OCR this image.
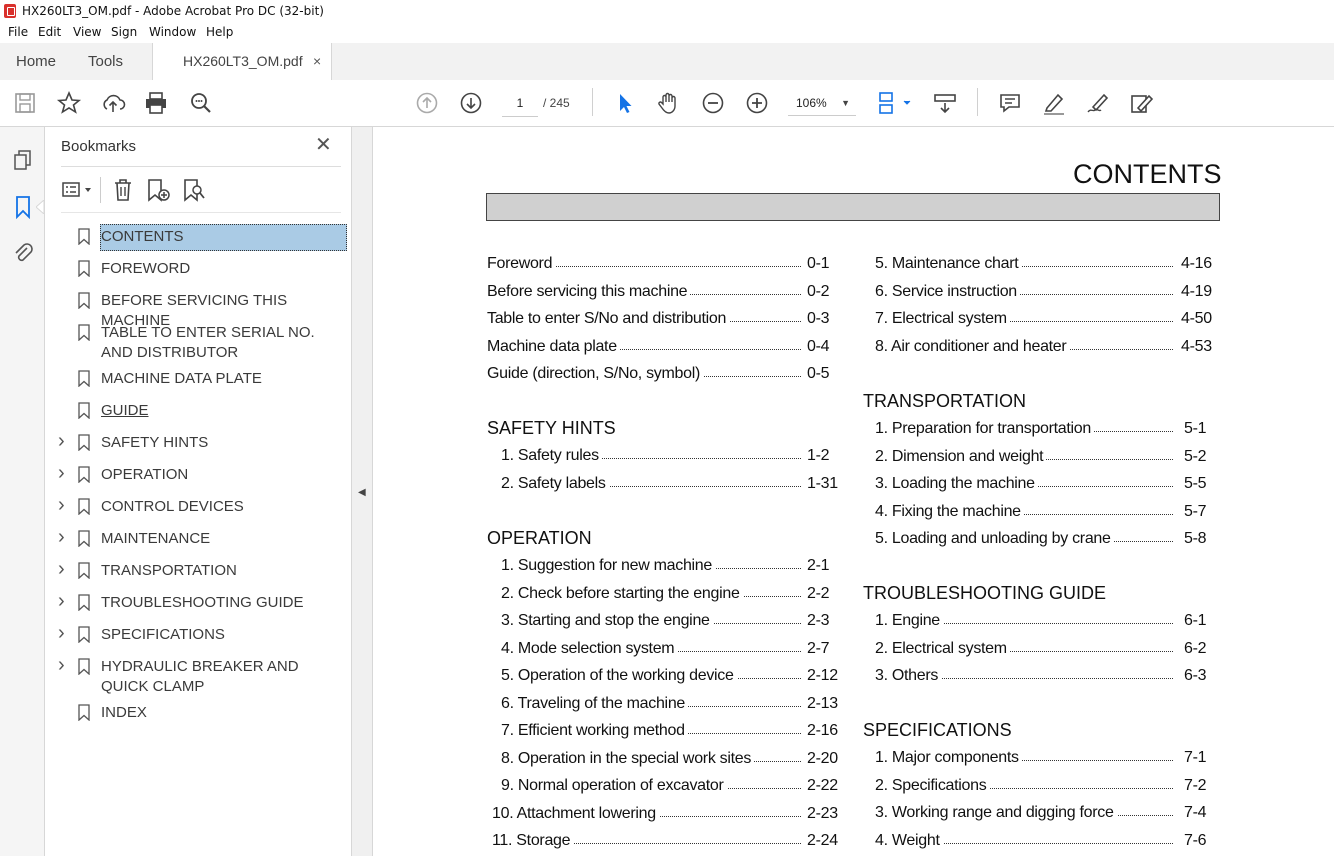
HX260LT3_OM.pdf - Adobe Acrobat Pro DC (32-bit)
File Edit View Sign Window Help
Home Tools	HX260LT3_OM.pdf ×
1	/ 245	106% ▼
Bookmarks	✕
CONTENTS
FOREWORD
BEFORE SERVICING THIS MACHINE
TABLE TO ENTER SERIAL NO. AND DISTRIBUTOR
MACHINE DATA PLATE
GUIDE
› SAFETY HINTS
› OPERATION
› CONTROL DEVICES
› MAINTENANCE
› TRANSPORTATION
› TROUBLESHOOTING GUIDE
› SPECIFICATIONS
› HYDRAULIC BREAKER AND QUICK CLAMP
INDEX
◀
CONTENTS
Foreword	0-1
Before servicing this machine	0-2
Table to enter S/No and distribution	0-3
Machine data plate	0-4
Guide (direction, S/No, symbol)	0-5
SAFETY HINTS
1. Safety rules	1-2
2. Safety labels	1-31
OPERATION
1. Suggestion for new machine	2-1
2. Check before starting the engine	2-2
3. Starting and stop the engine	2-3
4. Mode selection system	2-7
5. Operation of the working device	2-12
6. Traveling of the machine	2-13
7. Efficient working method	2-16
8. Operation in the special work sites	2-20
9. Normal operation of excavator	2-22
10. Attachment lowering	2-23
11. Storage	2-24
5. Maintenance chart	4-16
6. Service instruction	4-19
7. Electrical system	4-50
8. Air conditioner and heater	4-53
TRANSPORTATION
1. Preparation for transportation	5-1
2. Dimension and weight	5-2
3. Loading the machine	5-5
4. Fixing the machine	5-7
5. Loading and unloading by crane	5-8
TROUBLESHOOTING GUIDE
1. Engine	6-1
2. Electrical system	6-2
3. Others	6-3
SPECIFICATIONS
1. Major components	7-1
2. Specifications	7-2
3. Working range and digging force	7-4
4. Weight	7-6
